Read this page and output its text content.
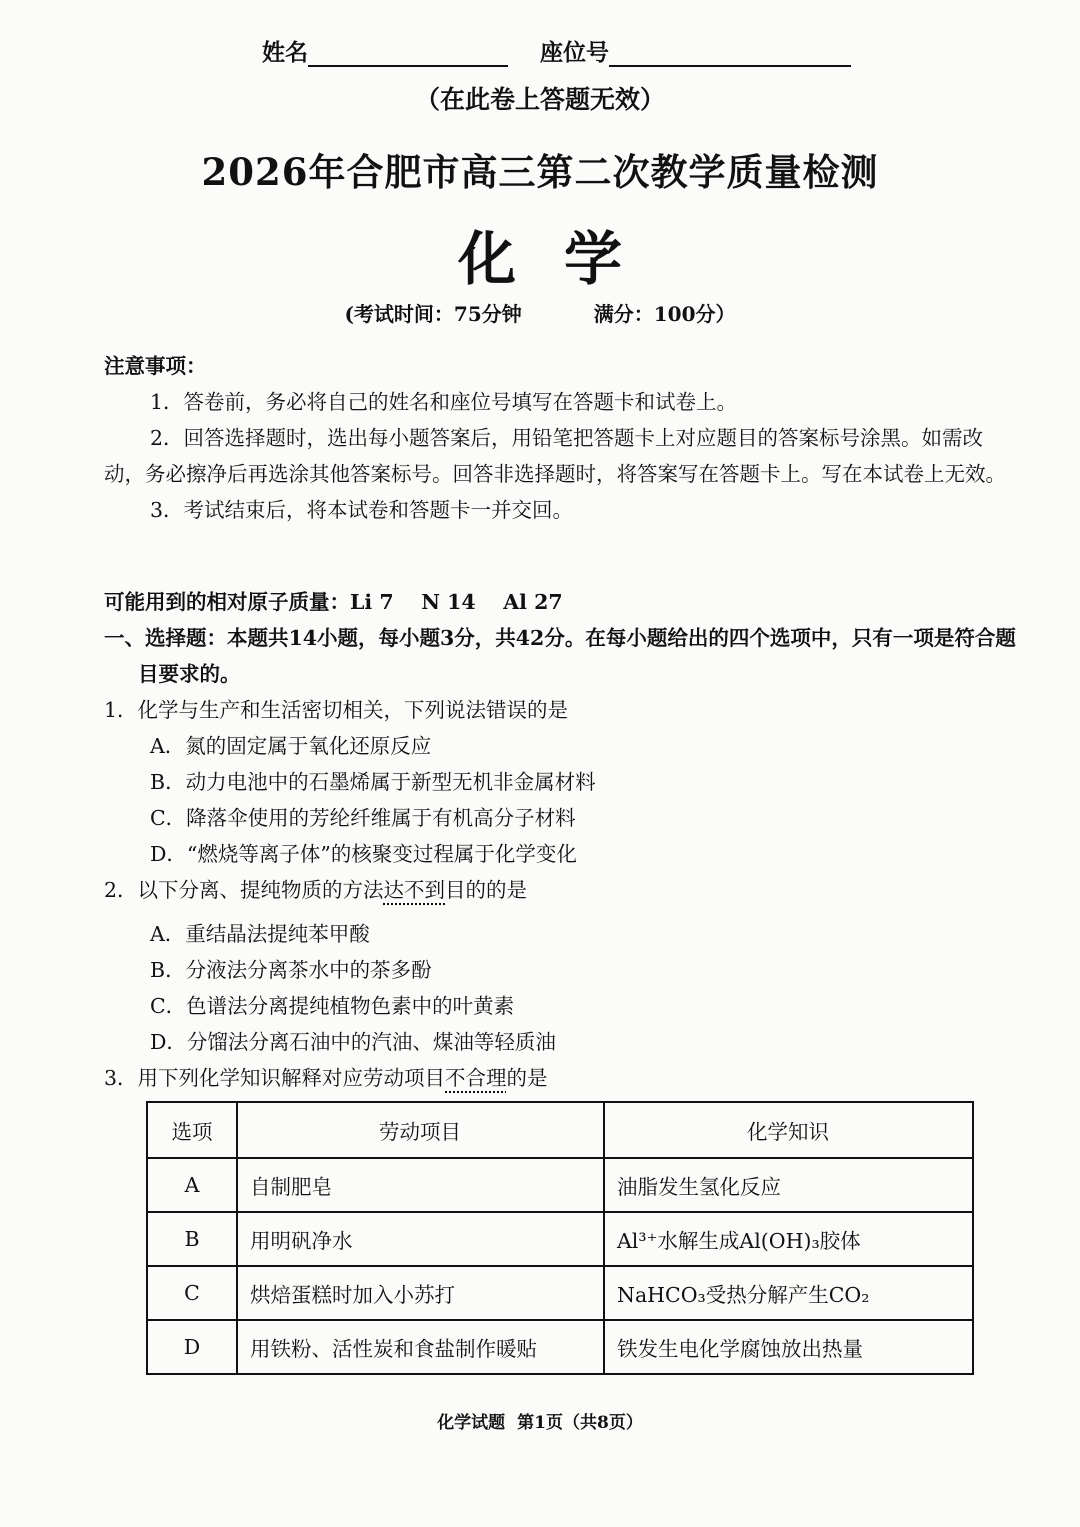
姓名	座位号
（在此卷上答题无效）
2026年合肥市高三第二次教学质量检测
化学
(考试时间：75分钟	满分：100分）
注意事项：
1．答卷前，务必将自己的姓名和座位号填写在答题卡和试卷上。
2．回答选择题时，选出每小题答案后，用铅笔把答题卡上对应题目的答案标号涂黑。如需改动，务必擦净后再选涂其他答案标号。回答非选择题时，将答案写在答题卡上。写在本试卷上无效。
3．考试结束后，将本试卷和答题卡一并交回。
可能用到的相对原子质量：Li 7　 N 14　 Al 27
一、选择题：本题共14小题，每小题3分，共42分。在每小题给出的四个选项中，只有一项是符合题目要求的。
1．化学与生产和生活密切相关，下列说法错误的是
A．氮的固定属于氧化还原反应
B．动力电池中的石墨烯属于新型无机非金属材料
C．降落伞使用的芳纶纤维属于有机高分子材料
D．“燃烧等离子体”的核聚变过程属于化学变化
2．以下分离、提纯物质的方法达不到目的的是
A．重结晶法提纯苯甲酸
B．分液法分离茶水中的茶多酚
C．色谱法分离提纯植物色素中的叶黄素
D．分馏法分离石油中的汽油、煤油等轻质油
3．用下列化学知识解释对应劳动项目不合理的是
选项	劳动项目	化学知识
A	自制肥皂	油脂发生氢化反应
B	用明矾净水	Al³⁺水解生成Al(OH)₃胶体
C	烘焙蛋糕时加入小苏打	NaHCO₃受热分解产生CO₂
D	用铁粉、活性炭和食盐制作暖贴	铁发生电化学腐蚀放出热量
化学试题 第1页（共8页）
